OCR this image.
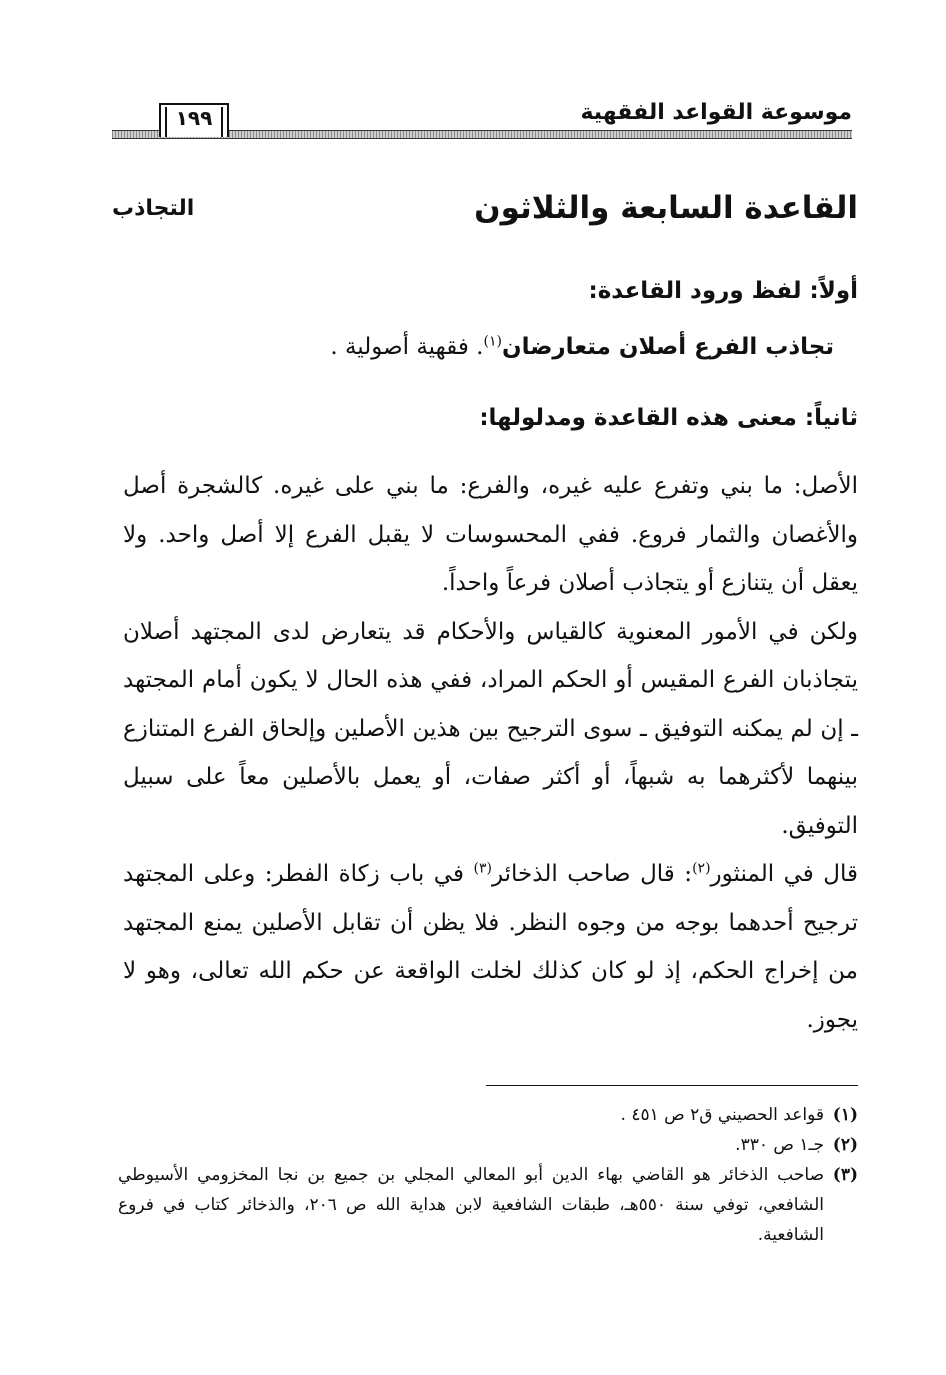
موسوعة القواعد الفقهية
١٩٩
القاعدة السابعة والثلاثون
التجاذب
أولاً: لفظ ورود القاعدة:
تجاذب الفرع أصلان متعارضان$^{(١)}$. فقهية أصولية .
ثانياً: معنى هذه القاعدة ومدلولها:

الأصل: ما بني وتفرع عليه غيره، والفرع: ما بني على غيره. كالشجرة أصل والأغصان والثمار فروع. ففي المحسوسات لا يقبل الفرع إلا أصل واحد. ولا يعقل أن يتنازع أو يتجاذب أصلان فرعاً واحداً.

ولكن في الأمور المعنوية كالقياس والأحكام قد يتعارض لدى المجتهد أصلان يتجاذبان الفرع المقيس أو الحكم المراد، ففي هذه الحال لا يكون أمام المجتهد ـ إن لم يمكنه التوفيق ـ سوى الترجيح بين هذين الأصلين وإلحاق الفرع المتنازع بينهما لأكثرهما به شبهاً، أو أكثر صفات، أو يعمل بالأصلين معاً على سبيل التوفيق.

قال في المنثور$^{(٢)}$: قال صاحب الذخائر$^{(٣)}$ في باب زكاة الفطر: وعلى المجتهد ترجيح أحدهما بوجه من وجوه النظر. فلا يظن أن تقابل الأصلين يمنع المجتهد من إخراج الحكم، إذ لو كان كذلك لخلت الواقعة عن حكم الله تعالى، وهو لا يجوز.

(١)
قواعد الحصيني ق٢ ص ٤٥١ .
(٢)
جـ١ ص ٣٣٠.
(٣)
صاحب الذخائر هو القاضي بهاء الدين أبو المعالي المجلي بن جميع بن نجا المخزومي الأسيوطي الشافعي، توفي سنة ٥٥٠هـ، طبقات الشافعية لابن هداية الله ص ٢٠٦، والذخائر كتاب في فروع الشافعية.
